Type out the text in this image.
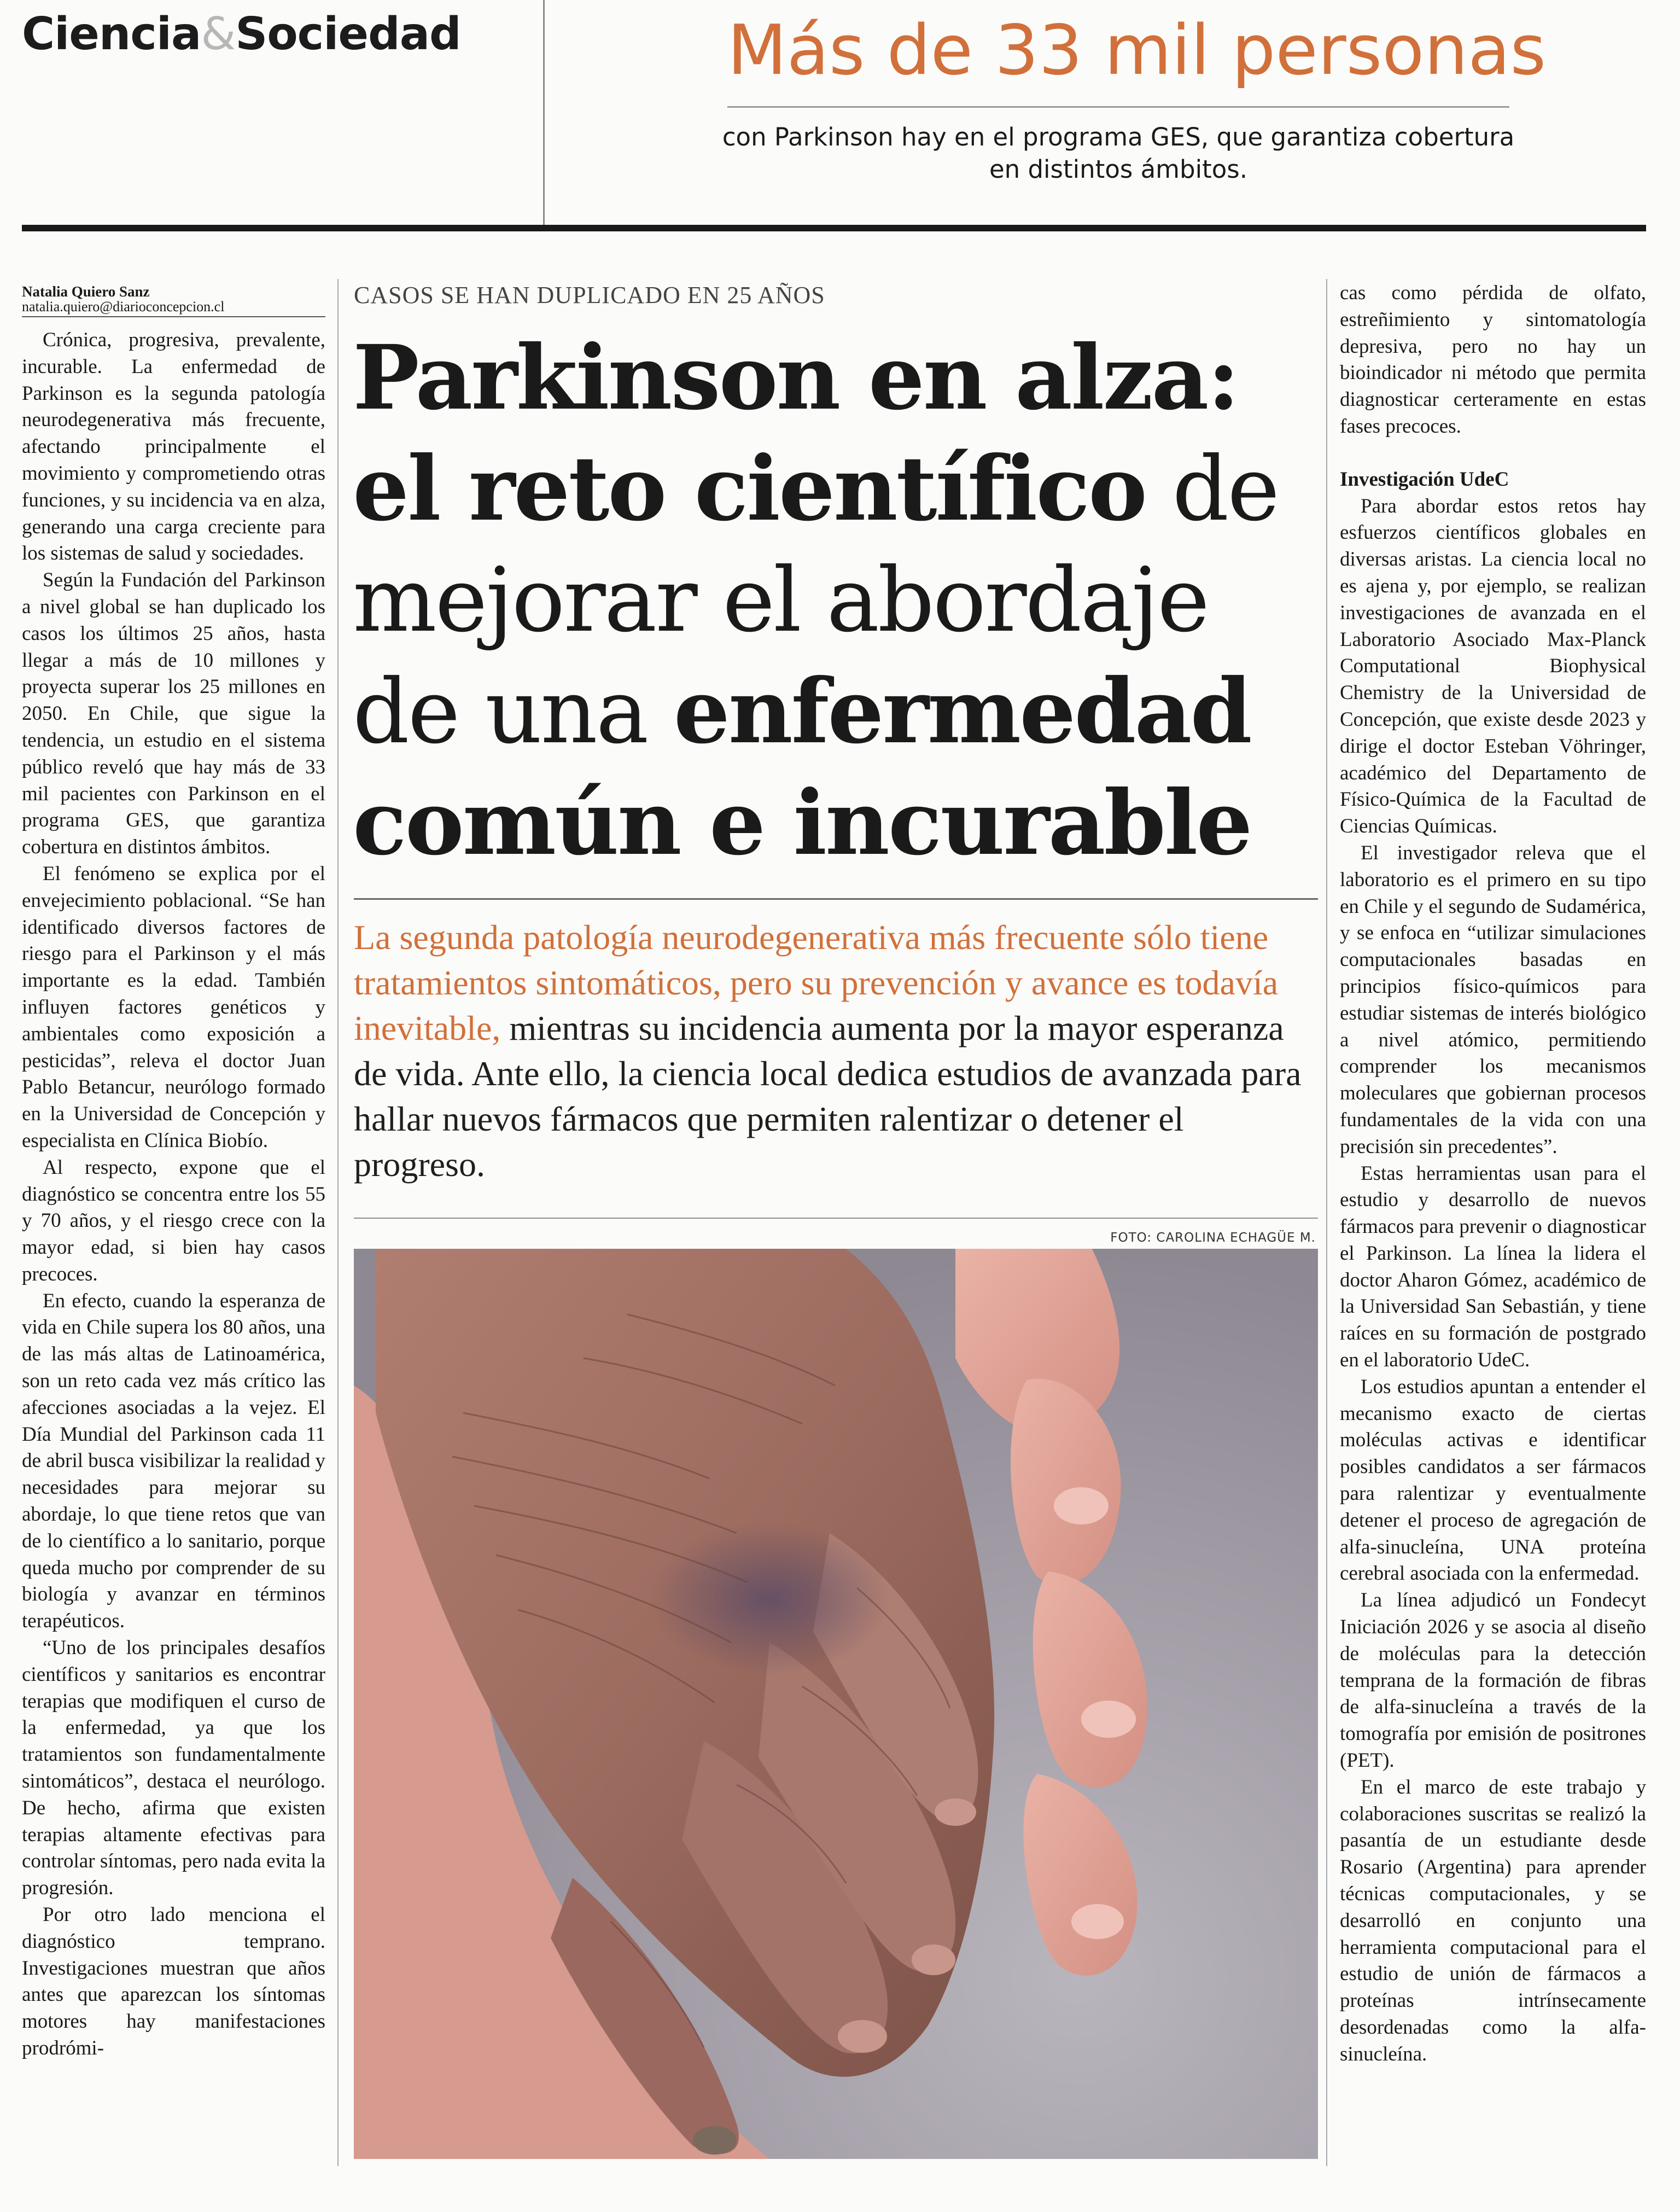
Ciencia&Sociedad	Más de 33 mil personas
con Parkinson hay en el programa GES, que garantiza cobertura en distintos ámbitos.
Natalia Quiero Sanz
natalia.quiero@diarioconcepcion.cl

Crónica, progresiva, prevalente, incurable. La enfermedad de Parkinson es la segunda patología neurodegenerativa más frecuente, afectando principalmente el movimiento y comprometiendo otras funciones, y su incidencia va en alza, generando una carga creciente para los sistemas de salud y sociedades.

Según la Fundación del Parkinson a nivel global se han duplicado los casos los últimos 25 años, hasta llegar a más de 10 millones y proyecta superar los 25 millones en 2050. En Chile, que sigue la tendencia, un estudio en el sistema público reveló que hay más de 33 mil pacientes con Parkinson en el programa GES, que garantiza cobertura en distintos ámbitos.

El fenómeno se explica por el envejecimiento poblacional. “Se han identificado diversos factores de riesgo para el Parkinson y el más importante es la edad. También influyen factores genéticos y ambientales como exposición a pesticidas”, releva el doctor Juan Pablo Betancur, neurólogo formado en la Universidad de Concepción y especialista en Clínica Biobío.

Al respecto, expone que el diagnóstico se concentra entre los 55 y 70 años, y el riesgo crece con la mayor edad, si bien hay casos precoces.

En efecto, cuando la esperanza de vida en Chile supera los 80 años, una de las más altas de Latinoamérica, son un reto cada vez más crítico las afecciones asociadas a la vejez. El Día Mundial del Parkinson cada 11 de abril busca visibilizar la realidad y necesidades para mejorar su abordaje, lo que tiene retos que van de lo científico a lo sanitario, porque queda mucho por comprender de su biología y avanzar en términos terapéuticos.

“Uno de los principales desafíos científicos y sanitarios es encontrar terapias que modifiquen el curso de la enfermedad, ya que los tratamientos son fundamentalmente sintomáticos”, destaca el neurólogo. De hecho, afirma que existen terapias altamente efectivas para controlar síntomas, pero nada evita la progresión.

Por otro lado menciona el diagnóstico temprano. Investigaciones muestran que años antes que aparezcan los síntomas motores hay manifestaciones prodrómi-

CASOS SE HAN DUPLICADO EN 25 AÑOS
Parkinson en alza:
el reto científico de
mejorar el abordaje
de una enfermedad
común e incurable
La segunda patología neurodegenerativa más frecuente sólo tiene tratamientos sintomáticos, pero su prevención y avance es todavía inevitable, mientras su incidencia aumenta por la mayor esperanza de vida. Ante ello, la ciencia local dedica estudios de avanzada para hallar nuevos fármacos que permiten ralentizar o detener el progreso.
FOTO: CAROLINA ECHAGÜE M.

cas como pérdida de olfato, estreñimiento y sintomatología depresiva, pero no hay un bioindicador ni método que permita diagnosticar certeramente en estas fases precoces.

Investigación UdeC

Para abordar estos retos hay esfuerzos científicos globales en diversas aristas. La ciencia local no es ajena y, por ejemplo, se realizan investigaciones de avanzada en el Laboratorio Asociado Max-Planck Computational Biophysical Chemistry de la Universidad de Concepción, que existe desde 2023 y dirige el doctor Esteban Vöhringer, académico del Departamento de Físico-Química de la Facultad de Ciencias Químicas.

El investigador releva que el laboratorio es el primero en su tipo en Chile y el segundo de Sudamérica, y se enfoca en “utilizar simulaciones computacionales basadas en principios físico-químicos para estudiar sistemas de interés biológico a nivel atómico, permitiendo comprender los mecanismos moleculares que gobiernan procesos fundamentales de la vida con una precisión sin precedentes”.

Estas herramientas usan para el estudio y desarrollo de nuevos fármacos para prevenir o diagnosticar el Parkinson. La línea la lidera el doctor Aharon Gómez, académico de la Universidad San Sebastián, y tiene raíces en su formación de postgrado en el laboratorio UdeC.

Los estudios apuntan a entender el mecanismo exacto de ciertas moléculas activas e identificar posibles candidatos a ser fármacos para ralentizar y eventualmente detener el proceso de agregación de alfa-sinucleína, UNA proteína cerebral asociada con la enfermedad.

La línea adjudicó un Fondecyt Iniciación 2026 y se asocia al diseño de moléculas para la detección temprana de la formación de fibras de alfa-sinucleína a través de la tomografía por emisión de positrones (PET).

En el marco de este trabajo y colaboraciones suscritas se realizó la pasantía de un estudiante desde Rosario (Argentina) para aprender técnicas computacionales, y se desarrolló en conjunto una herramienta computacional para el estudio de unión de fármacos a proteínas intrínsecamente desordenadas como la alfa-sinucleína.
